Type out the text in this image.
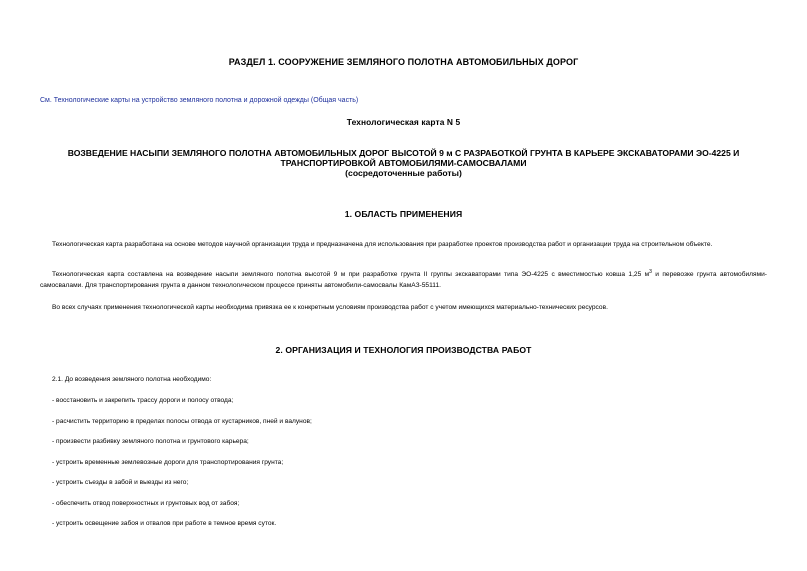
РАЗДЕЛ 1. СООРУЖЕНИЕ ЗЕМЛЯНОГО ПОЛОТНА АВТОМОБИЛЬНЫХ ДОРОГ
См. Технологические карты на устройство земляного полотна и дорожной одежды (Общая часть)
Технологическая карта N 5
ВОЗВЕДЕНИЕ НАСЫПИ ЗЕМЛЯНОГО ПОЛОТНА АВТОМОБИЛЬНЫХ ДОРОГ ВЫСОТОЙ 9 м С РАЗРАБОТКОЙ ГРУНТА В КАРЬЕРЕ ЭКСКАВАТОРАМИ ЭО-4225 И
ТРАНСПОРТИРОВКОЙ АВТОМОБИЛЯМИ-САМОСВАЛАМИ
(сосредоточенные работы)
1. ОБЛАСТЬ ПРИМЕНЕНИЯ
Технологическая карта разработана на основе методов научной организации труда и предназначена для использования при разработке проектов производства работ и организации труда на строительном объекте.
Технологическая карта составлена на возведение насыпи земляного полотна высотой 9 м при разработке грунта II группы экскаваторами типа ЭО-4225 с вместимостью ковша 1,25 $м^3$ и перевозке грунта автомобилями-самосвалами. Для транспортирования грунта в данном технологическом процессе приняты автомобили-самосвалы КамАЗ-55111.
Во всех случаях применения технологической карты необходима привязка ее к конкретным условиям производства работ с учетом имеющихся материально-технических ресурсов.
2. ОРГАНИЗАЦИЯ И ТЕХНОЛОГИЯ ПРОИЗВОДСТВА РАБОТ
2.1. До возведения земляного полотна необходимо:
- восстановить и закрепить трассу дороги и полосу отвода;
- расчистить территорию в пределах полосы отвода от кустарников, пней и валунов;
- произвести разбивку земляного полотна и грунтового карьера;
- устроить временные землевозные дороги для транспортирования грунта;
- устроить съезды в забой и выезды из него;
- обеспечить отвод поверхностных и грунтовых вод от забоя;
- устроить освещение забоя и отвалов при работе в темное время суток.
